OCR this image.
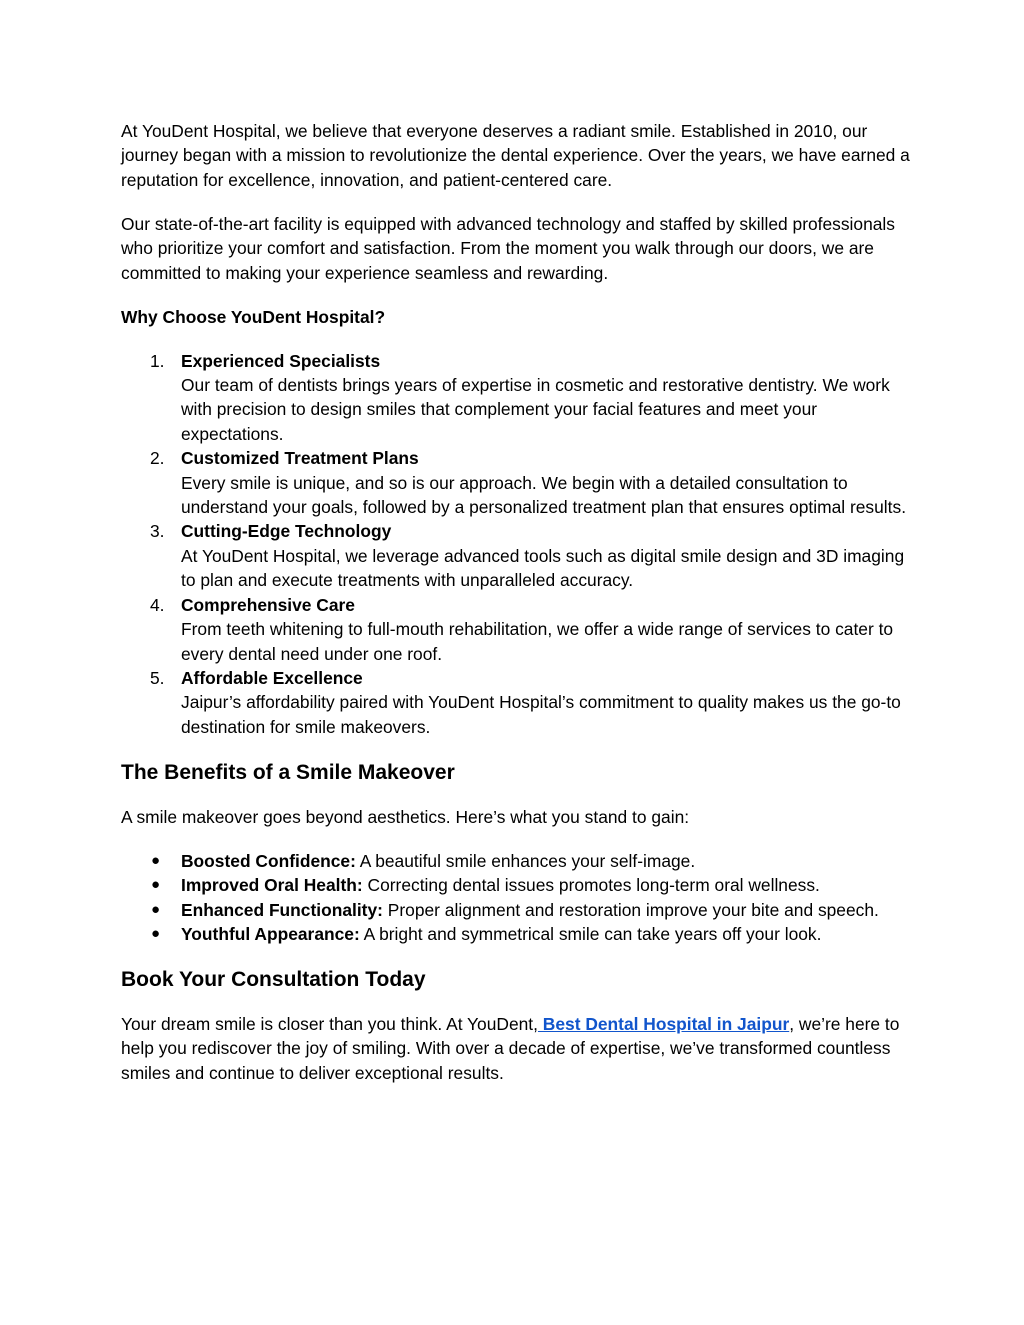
At YouDent Hospital, we believe that everyone deserves a radiant smile. Established in 2010, our journey began with a mission to revolutionize the dental experience. Over the years, we have earned a reputation for excellence, innovation, and patient-centered care.

Our state-of-the-art facility is equipped with advanced technology and staffed by skilled professionals who prioritize your comfort and satisfaction. From the moment you walk through our doors, we are committed to making your experience seamless and rewarding.

Why Choose YouDent Hospital?

1. Experienced Specialists
Our team of dentists brings years of expertise in cosmetic and restorative dentistry. We work with precision to design smiles that complement your facial features and meet your expectations.
2. Customized Treatment Plans
Every smile is unique, and so is our approach. We begin with a detailed consultation to understand your goals, followed by a personalized treatment plan that ensures optimal results.
3. Cutting-Edge Technology
At YouDent Hospital, we leverage advanced tools such as digital smile design and 3D imaging to plan and execute treatments with unparalleled accuracy.
4. Comprehensive Care
From teeth whitening to full-mouth rehabilitation, we offer a wide range of services to cater to every dental need under one roof.
5. Affordable Excellence
Jaipur’s affordability paired with YouDent Hospital’s commitment to quality makes us the go-to destination for smile makeovers.
The Benefits of a Smile Makeover

A smile makeover goes beyond aesthetics. Here’s what you stand to gain:

● Boosted Confidence: A beautiful smile enhances your self-image.
● Improved Oral Health: Correcting dental issues promotes long-term oral wellness.
● Enhanced Functionality: Proper alignment and restoration improve your bite and speech.
● Youthful Appearance: A bright and symmetrical smile can take years off your look.
Book Your Consultation Today

Your dream smile is closer than you think. At YouDent, Best Dental Hospital in Jaipur, we’re here to help you rediscover the joy of smiling. With over a decade of expertise, we’ve transformed countless smiles and continue to deliver exceptional results.
